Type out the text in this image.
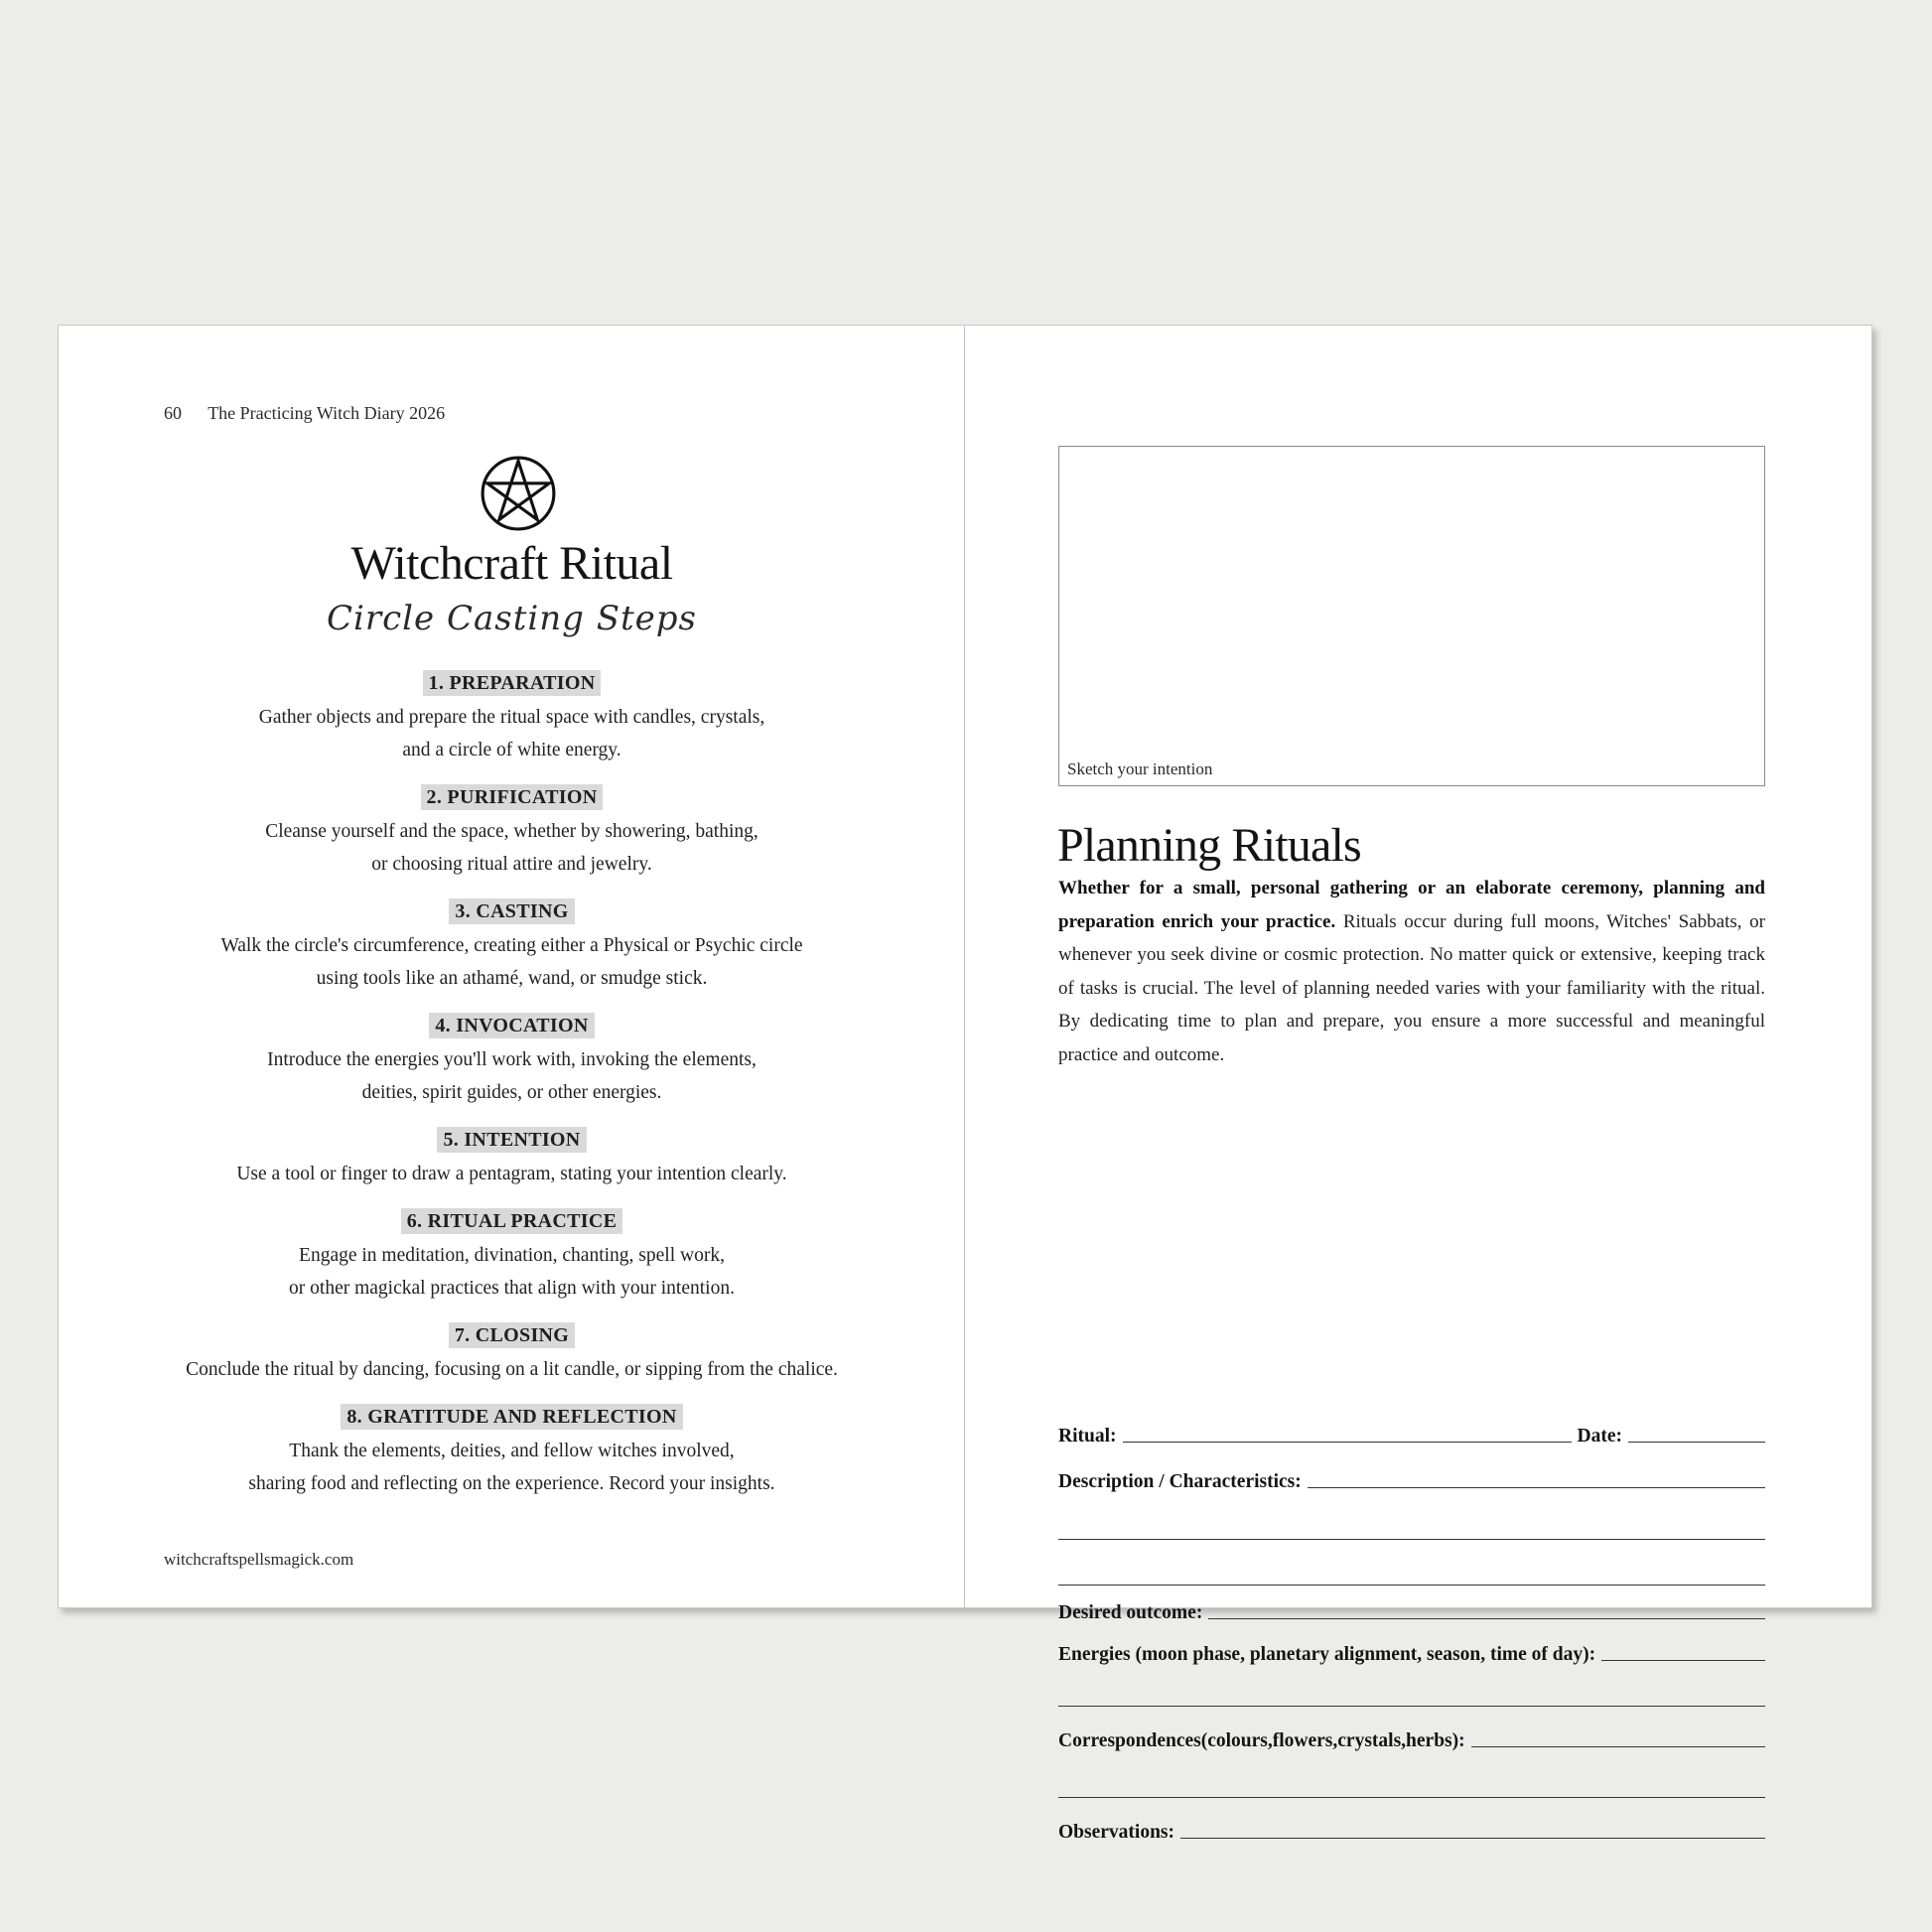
60 The Practicing Witch Diary 2026
Witchcraft Ritual
Circle Casting Steps
1. PREPARATION
Gather objects and prepare the ritual space with candles, crystals,
and a circle of white energy.
2. PURIFICATION
Cleanse yourself and the space, whether by showering, bathing,
or choosing ritual attire and jewelry.
3. CASTING
Walk the circle's circumference, creating either a Physical or Psychic circle
using tools like an athamé, wand, or smudge stick.
4. INVOCATION
Introduce the energies you'll work with, invoking the elements,
deities, spirit guides, or other energies.
5. INTENTION
Use a tool or finger to draw a pentagram, stating your intention clearly.
6. RITUAL PRACTICE
Engage in meditation, divination, chanting, spell work,
or other magickal practices that align with your intention.
7. CLOSING
Conclude the ritual by dancing, focusing on a lit candle, or sipping from the chalice.
8. GRATITUDE AND REFLECTION
Thank the elements, deities, and fellow witches involved,
sharing food and reflecting on the experience. Record your insights.
witchcraftspellsmagick.com
Sketch your intention
Planning Rituals
Whether for a small, personal gathering or an elaborate ceremony, planning and preparation enrich your practice. Rituals occur during full moons, Witches' Sabbats, or whenever you seek divine or cosmic protection. No matter quick or extensive, keeping track of tasks is crucial. The level of planning needed varies with your familiarity with the ritual. By dedicating time to plan and prepare, you ensure a more successful and meaningful practice and outcome.
Ritual:	Date:
Description / Characteristics:
Desired outcome:
Energies (moon phase, planetary alignment, season, time of day):
Correspondences(colours,flowers,crystals,herbs):
Observations:
